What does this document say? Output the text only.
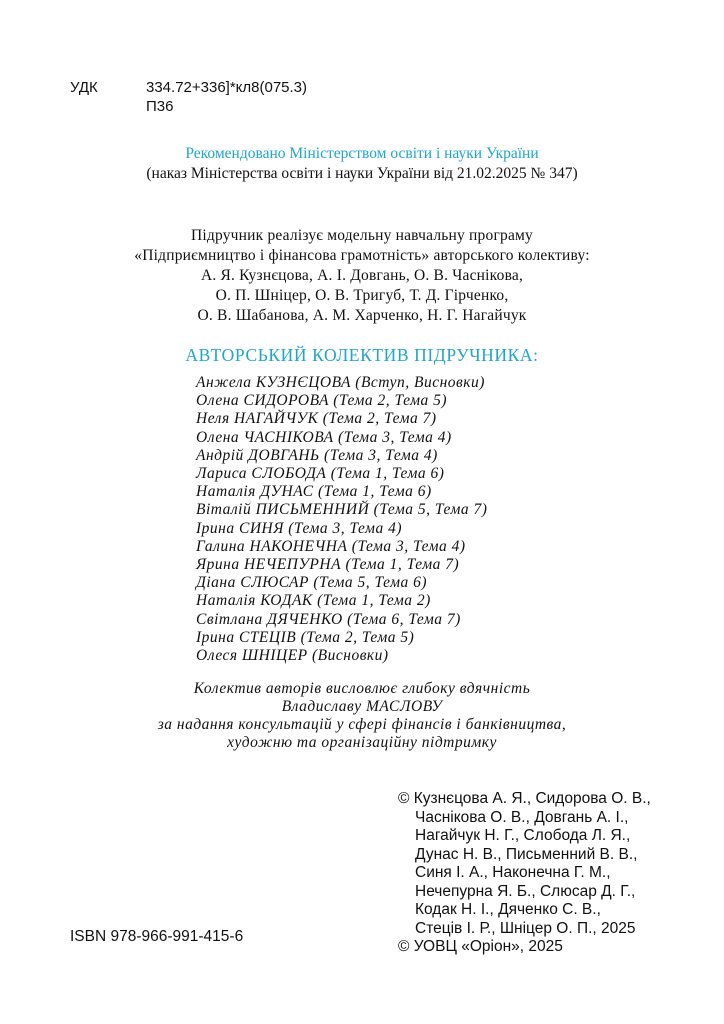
УДК	334.72+336]*кл8(075.3)
П36
Рекомендовано Міністерством освіти і науки України
(наказ Міністерства освіти і науки України від 21.02.2025 № 347)
Підручник реалізує модельну навчальну програму
«Підприємництво і фінансова грамотність» авторського колективу:
А. Я. Кузнєцова, А. І. Довгань, О. В. Часнікова,
О. П. Шніцер, О. В. Тригуб, Т. Д. Гірченко,
О. В. Шабанова, А. М. Харченко, Н. Г. Нагайчук
АВТОРСЬКИЙ КОЛЕКТИВ ПІДРУЧНИКА:
Анжела КУЗНЄЦОВА (Вступ, Висновки)
Олена СИДОРОВА (Тема 2, Тема 5)
Неля НАГАЙЧУК (Тема 2, Тема 7)
Олена ЧАСНІКОВА (Тема 3, Тема 4)
Андрій ДОВГАНЬ (Тема 3, Тема 4)
Лариса СЛОБОДА (Тема 1, Тема 6)
Наталія ДУНАС (Тема 1, Тема 6)
Віталій ПИСЬМЕННИЙ (Тема 5, Тема 7)
Ірина СИНЯ (Тема 3, Тема 4)
Галина НАКОНЕЧНА (Тема 3, Тема 4)
Ярина НЕЧЕПУРНА (Тема 1, Тема 7)
Діана СЛЮСАР (Тема 5, Тема 6)
Наталія КОДАК (Тема 1, Тема 2)
Світлана ДЯЧЕНКО (Тема 6, Тема 7)
Ірина СТЕЦІВ (Тема 2, Тема 5)
Олеся ШНІЦЕР (Висновки)
Колектив авторів висловлює глибоку вдячність
Владиславу МАСЛОВУ
за надання консультацій у сфері фінансів і банківництва,
художню та організаційну підтримку
© Кузнєцова А. Я., Сидорова О. В.,
Часнікова О. В., Довгань А. І.,
Нагайчук Н. Г., Слобода Л. Я.,
Дунас Н. В., Письменний В. В.,
Синя І. А., Наконечна Г. М.,
Нечепурна Я. Б., Слюсар Д. Г.,
Кодак Н. І., Дяченко С. В.,
Стеців І. Р., Шніцер О. П., 2025
© УОВЦ «Оріон», 2025
ISBN 978-966-991-415-6
